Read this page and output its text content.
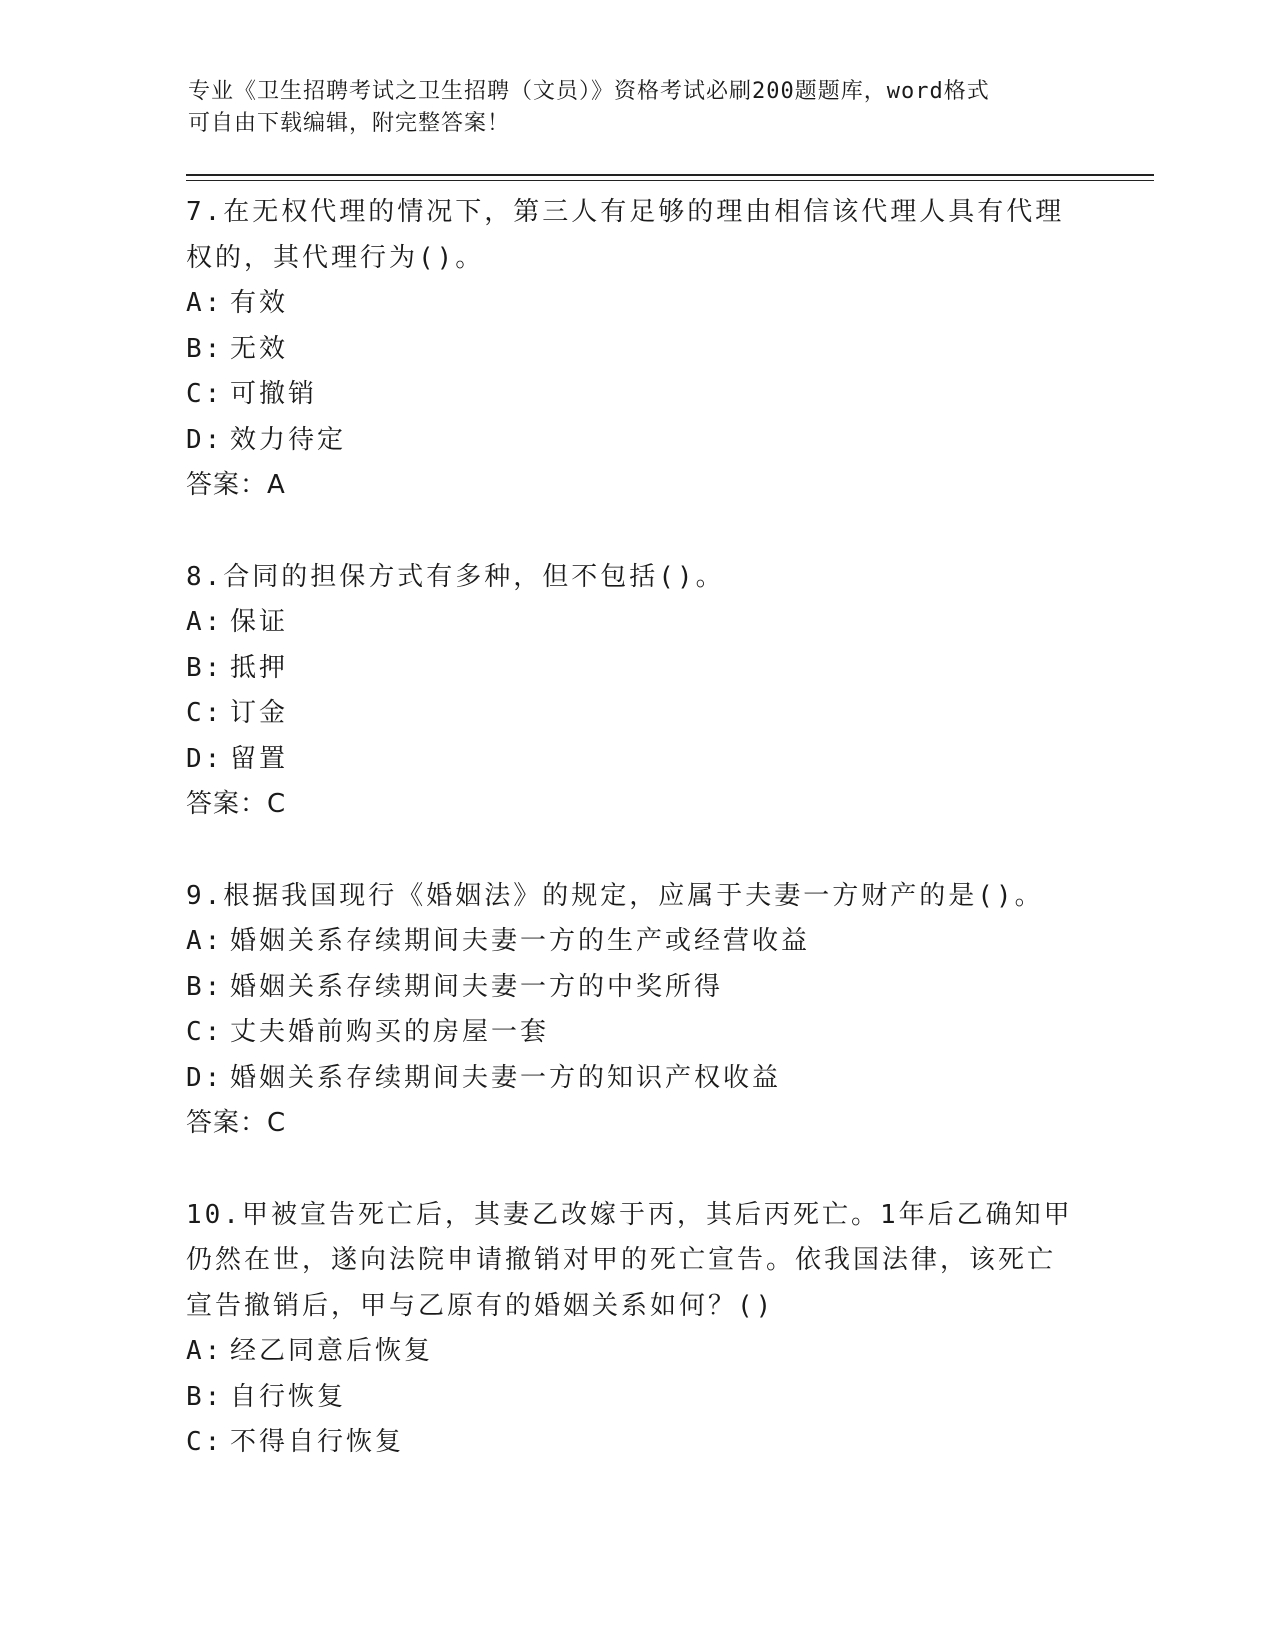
专业《卫生招聘考试之卫生招聘（文员）》资格考试必刷200题题库，word格式
可自由下载编辑，附完整答案！

7.在无权代理的情况下，第三人有足够的理由相信该代理人具有代理

权的，其代理行为()。

A: 有效

B: 无效

C: 可撤销

D: 效力待定

答案：A

8.合同的担保方式有多种，但不包括()。

A: 保证

B: 抵押

C: 订金

D: 留置

答案：C

9.根据我国现行《婚姻法》的规定，应属于夫妻一方财产的是()。

A: 婚姻关系存续期间夫妻一方的生产或经营收益

B: 婚姻关系存续期间夫妻一方的中奖所得

C: 丈夫婚前购买的房屋一套

D: 婚姻关系存续期间夫妻一方的知识产权收益

答案：C

10.甲被宣告死亡后，其妻乙改嫁于丙，其后丙死亡。1年后乙确知甲

仍然在世，遂向法院申请撤销对甲的死亡宣告。依我国法律，该死亡

宣告撤销后，甲与乙原有的婚姻关系如何？()

A: 经乙同意后恢复

B: 自行恢复

C: 不得自行恢复
